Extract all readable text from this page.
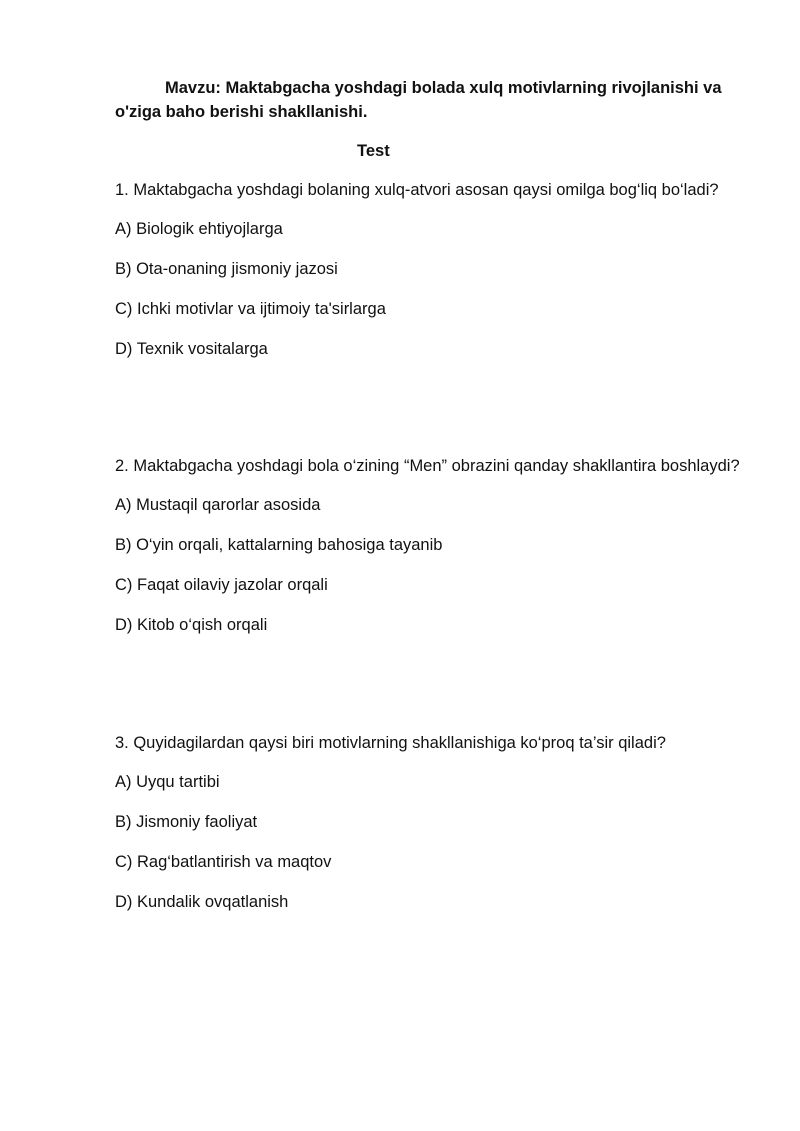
Mavzu: Maktabgacha yoshdagi bolada xulq motivlarning rivojlanishi va o'ziga baho berishi shakllanishi.

Test

1. Maktabgacha yoshdagi bolaning xulq-atvori asosan qaysi omilga bog‘liq bo‘ladi?

A) Biologik ehtiyojlarga

B) Ota-onaning jismoniy jazosi

C) Ichki motivlar va ijtimoiy ta'sirlarga

D) Texnik vositalarga

2. Maktabgacha yoshdagi bola o‘zining “Men” obrazini qanday shakllantira boshlaydi?

A) Mustaqil qarorlar asosida

B) O‘yin orqali, kattalarning bahosiga tayanib

C) Faqat oilaviy jazolar orqali

D) Kitob o‘qish orqali

3. Quyidagilardan qaysi biri motivlarning shakllanishiga ko‘proq ta’sir qiladi?

A) Uyqu tartibi

B) Jismoniy faoliyat

C) Rag‘batlantirish va maqtov

D) Kundalik ovqatlanish
